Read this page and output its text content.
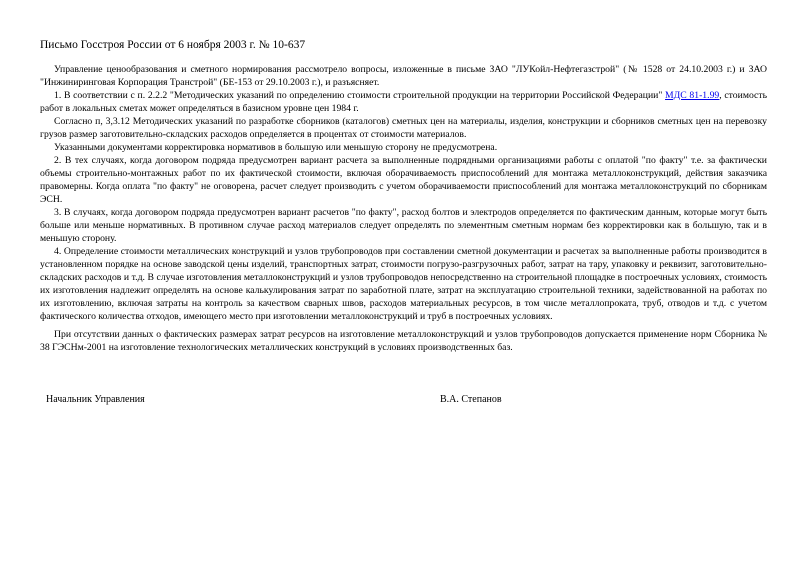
Письмо Госстроя России от 6 ноября 2003 г. № 10-637

Управление ценообразования и сметного нормирования рассмотрело вопросы, изложенные в письме ЗАО "ЛУКойл-Нефтегазстрой" (№ 1528 от 24.10.2003 г.) и ЗАО "Инжиниринговая Корпорация Транстрой" (БЕ-153 от 29.10.2003 г.), и разъясняет.

1. В соответствии с п. 2.2.2 "Методических указаний по определению стоимости строительной продукции на территории Российской Федерации" МДС 81-1.99, стоимость работ в локальных сметах может определяться в базисном уровне цен 1984 г.

Согласно п, 3,3.12 Методических указаний по разработке сборников (каталогов) сметных цен на материалы, изделия, конструкции и сборников сметных цен на перевозку грузов размер заготовительно-складских расходов определяется в процентах от стоимости материалов.

Указанными документами корректировка нормативов в большую или меньшую сторону не предусмотрена.

2. В тех случаях, когда договором подряда предусмотрен вариант расчета за выполненные подрядными организациями работы с оплатой "по факту" т.е. за фактически объемы строительно-монтажных работ по их фактической стоимости, включая оборачиваемость приспособлений для монтажа металлоконструкций, действия заказчика правомерны. Когда оплата "по факту" не оговорена, расчет следует производить с учетом оборачиваемости приспособлений для монтажа металлоконструкций по сборникам ЭСН.

3. В случаях, когда договором подряда предусмотрен вариант расчетов "по факту", расход болтов и электродов определяется по фактическим данным, которые могут быть больше или меньше нормативных. В противном случае расход материалов следует определять по элементным сметным нормам без корректировки как в большую, так и в меньшую сторону.

4. Определение стоимости металлических конструкций и узлов трубопроводов при составлении сметной документации и расчетах за выполненные работы производится в установленном порядке на основе заводской цены изделий, транспортных затрат, стоимости погрузо-разгрузочных работ, затрат на тару, упаковку и реквизит, заготовительно-складских расходов и т.д. В случае изготовления металлоконструкций и узлов трубопроводов непосредственно на строительной площадке в построечных условиях, стоимость их изготовления надлежит определять на основе калькулирования затрат по заработной плате, затрат на эксплуатацию строительной техники, задействованной на работах по их изготовлению, включая затраты на контроль за качеством сварных швов, расходов материальных ресурсов, в том числе металлопроката, труб, отводов и т.д. с учетом фактического количества отходов, имеющего место при изготовлении металлоконструкций и труб в построечных условиях.

При отсутствии данных о фактических размерах затрат ресурсов на изготовление металлоконструкций и узлов трубопроводов допускается применение норм Сборника № 38 ГЭСНм-2001 на изготовление технологических металлических конструкций в условиях производственных баз.

Начальник Управления	В.А. Степанов
